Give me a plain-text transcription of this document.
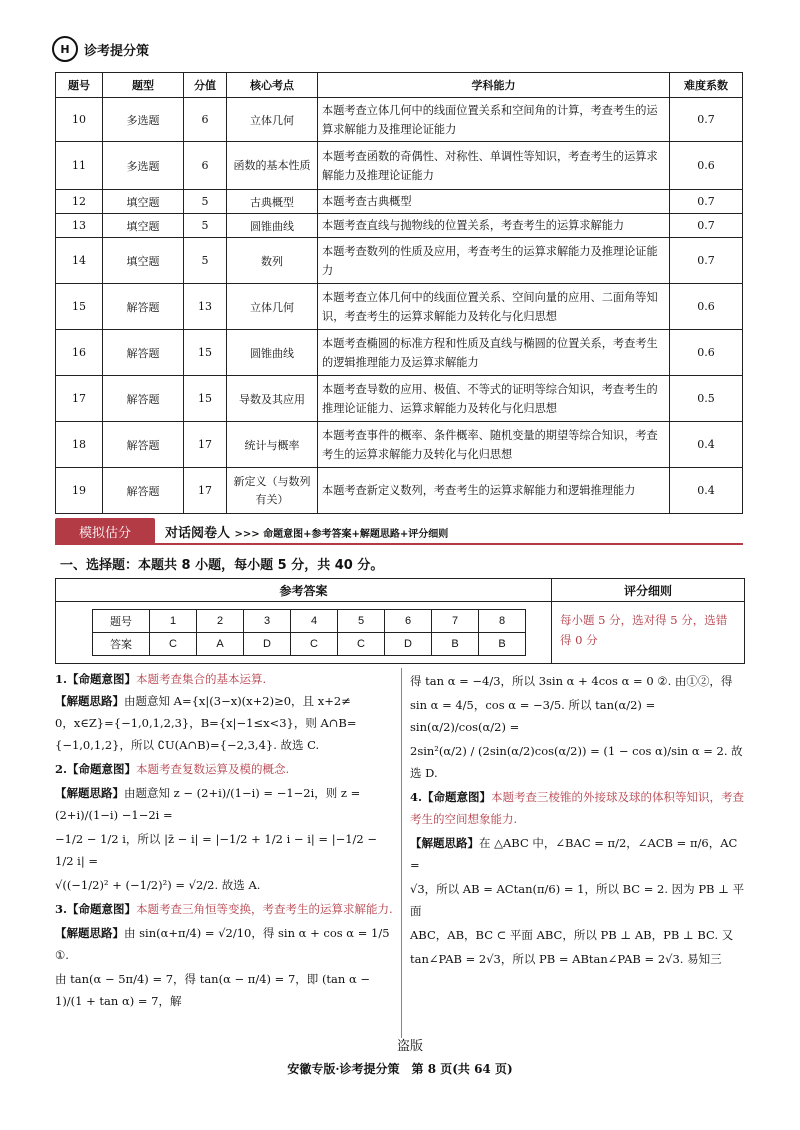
H	诊考提分策
题号	题型	分值	核心考点	学科能力	难度系数
10	多选题	6	立体几何	本题考查立体几何中的线面位置关系和空间角的计算，考查考生的运算求解能力及推理论证能力	0.7
11	多选题	6	函数的基本性质	本题考查函数的奇偶性、对称性、单调性等知识，考查考生的运算求解能力及推理论证能力	0.6
12	填空题	5	古典概型	本题考查古典概型	0.7
13	填空题	5	圆锥曲线	本题考查直线与抛物线的位置关系，考查考生的运算求解能力	0.7
14	填空题	5	数列	本题考查数列的性质及应用，考查考生的运算求解能力及推理论证能力	0.7
15	解答题	13	立体几何	本题考查立体几何中的线面位置关系、空间向量的应用、二面角等知识，考查考生的运算求解能力及转化与化归思想	0.6
16	解答题	15	圆锥曲线	本题考查椭圆的标准方程和性质及直线与椭圆的位置关系，考查考生的逻辑推理能力及运算求解能力	0.6
17	解答题	15	导数及其应用	本题考查导数的应用、极值、不等式的证明等综合知识，考查考生的推理论证能力、运算求解能力及转化与化归思想	0.5
18	解答题	17	统计与概率	本题考查事件的概率、条件概率、随机变量的期望等综合知识，考查考生的运算求解能力及转化与化归思想	0.4
19	解答题	17	新定义（与数列有关）	本题考查新定义数列，考查考生的运算求解能力和逻辑推理能力	0.4
模拟估分	对话阅卷人 >>> 命题意图+参考答案+解题思路+评分细则
一、选择题：本题共 8 小题，每小题 5 分，共 40 分。
参考答案
题号	1	2	3	4	5	6	7	8
答案	C	A	D	C	C	D	B	B
评分细则
每小题 5 分，选对得 5 分，选错得 0 分
1.【命题意图】本题考查集合的基本运算.
【解题思路】由题意知 A={x|(3−x)(x+2)≥0，且 x+2≠
0，x∈Z}={−1,0,1,2,3}，B={x|−1≤x<3}，则 A∩B=
{−1,0,1,2}，所以 ∁U(A∩B)={−2,3,4}. 故选 C.
2.【命题意图】本题考查复数运算及模的概念.
【解题思路】由题意知 z − (2+i)/(1−i) = −1−2i，则 z = (2+i)/(1−i) −1−2i =
−1/2 − 1/2 i，所以 |z̄ − i| = |−1/2 + 1/2 i − i| = |−1/2 − 1/2 i| =
√((−1/2)² + (−1/2)²) = √2/2. 故选 A.
3.【命题意图】本题考查三角恒等变换，考查考生的运算求解能力.
【解题思路】由 sin(α+π/4) = √2/10，得 sin α + cos α = 1/5 ①.
由 tan(α − 5π/4) = 7，得 tan(α − π/4) = 7，即 (tan α − 1)/(1 + tan α) = 7，解
得 tan α = −4/3，所以 3sin α + 4cos α = 0 ②. 由①②，得
sin α = 4/5，cos α = −3/5. 所以 tan(α/2) = sin(α/2)/cos(α/2) =
2sin²(α/2) / (2sin(α/2)cos(α/2)) = (1 − cos α)/sin α = 2. 故选 D.
4.【命题意图】本题考查三棱锥的外接球及球的体积等知识，考查考生的空间想象能力.
【解题思路】在 △ABC 中，∠BAC = π/2，∠ACB = π/6，AC =
√3，所以 AB = ACtan(π/6) = 1，所以 BC = 2. 因为 PB ⊥ 平面
ABC，AB，BC ⊂ 平面 ABC，所以 PB ⊥ AB，PB ⊥ BC. 又
tan∠PAB = 2√3，所以 PB = ABtan∠PAB = 2√3. 易知三
盗版
安徽专版·诊考提分策　第 8 页(共 64 页)
